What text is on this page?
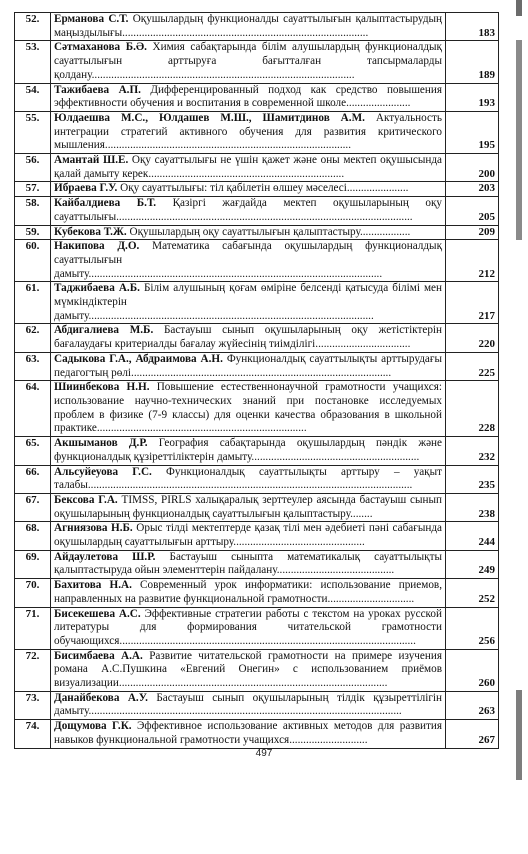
52.	Ерманова С.Т. Оқушылардың функционалды сауаттылығын қалыптастырудың маңыздылығы........................................................................................	183
53.	Сәтмаханова Б.Ә. Химия сабақтарында білім алушылардың функционалдық сауаттылығын арттыруға бағытталған тапсырмаларды қолдану..............................................................................................	189
54.	Тажибаева А.П. Дифференцированный подход как средство повышения эффективности обучения и воспитания в современной школе.......................	193
55.	Юлдаешва М.С., Юлдашев М.Ш., Шамитдинов А.М. Актуальность интеграции стратегий активного обучения для развития критического мышления........................................................................................	195
56.	Амантай Ш.Е. Оқу сауаттылығы не үшін қажет және оны мектеп оқушысында қалай дамыту керек......................................................................	200
57.	Ибраева Г.У. Оқу сауаттылығы: тіл қабілетін өлшеу мәселесі......................	203
58.	Кайбалдиева Б.Т. Қазіргі жағдайда мектеп оқушыларының оқу сауаттылығы..........................................................................................................	205
59.	Кубекова Т.Ж. Оқушылардың оқу сауаттылығын қалыптастыру..................	209
60.	Накипова Д.О. Математика сабағында оқушылардың функционалдық сауаттылығын дамыту.........................................................................................................	212
61.	Таджибаева А.Б. Білім алушының қоғам өміріне белсенді қатысуда білімі мен мүмкіндіктерін дамыту......................................................................................................	217
62.	Абдигалиева М.Б. Бастауыш сынып оқушыларының оқу жетістіктерін бағалаудағы критериалды бағалау жүйесінің тиімділігі..................................	220
63.	Садыкова Г.А., Абдраимова А.Н. Функционалдық сауаттылықты арттырудағы педагогтың рөлі.............................................................................................	225
64.	Шиинбекова Н.Н. Повышение естественнонаучной грамотности учащихся: использование научно-технических знаний при постановке исследуемых проблем в физике (7-9 классы) для оценки качества образования в школьной практике...........................................................................	228
65.	Акшыманов Д.Р. География сабақтарында оқушылардың пәндік және функционалдық құзіреттіліктерін дамыту............................................................	232
66.	Альсуйеуова Г.С. Функционалдық сауаттылықты арттыру – уақыт талабы....................................................................................................................	235
67.	Бексова Г.А. TIMSS, PIRLS халықаралық зерттеулер аясында бастауыш сынып оқушыларының функционалдық сауаттылығын қалыптастыру........	238
68.	Агниязова Н.Б. Орыс тілді мектептерде қазақ тілі мен әдебиеті пәні сабағында оқушылардың сауаттылығын арттыру...............................................	244
69.	Айдаулетова Ш.Р. Бастауыш сыныпта математикалық сауаттылықты қалыптастыруда ойын элементтерін пайдалану..........................................	249
70.	Бахитова Н.А. Современный урок информатики: использование приемов, направленных на развитие функциональной грамотности...............................	252
71.	Бисекешева А.С. Эффективные стратегии работы с текстом на уроках русской литературы для формирования читательской грамотности обучающихся..........................................................................................................	256
72.	Бисимбаева А.А. Развитие читательской грамотности на примере изучения романа А.С.Пушкина «Евгений Онегин» с использованием приёмов визуализации................................................................................................	260
73.	Данайбекова А.У. Бастауыш сынып оқушыларының тілдік құзыреттілігін дамыту................................................................................................................	263
74.	Дощумова Г.К. Эффективное использование активных методов для развития навыков функциональной грамотности учащихся............................	267
497
